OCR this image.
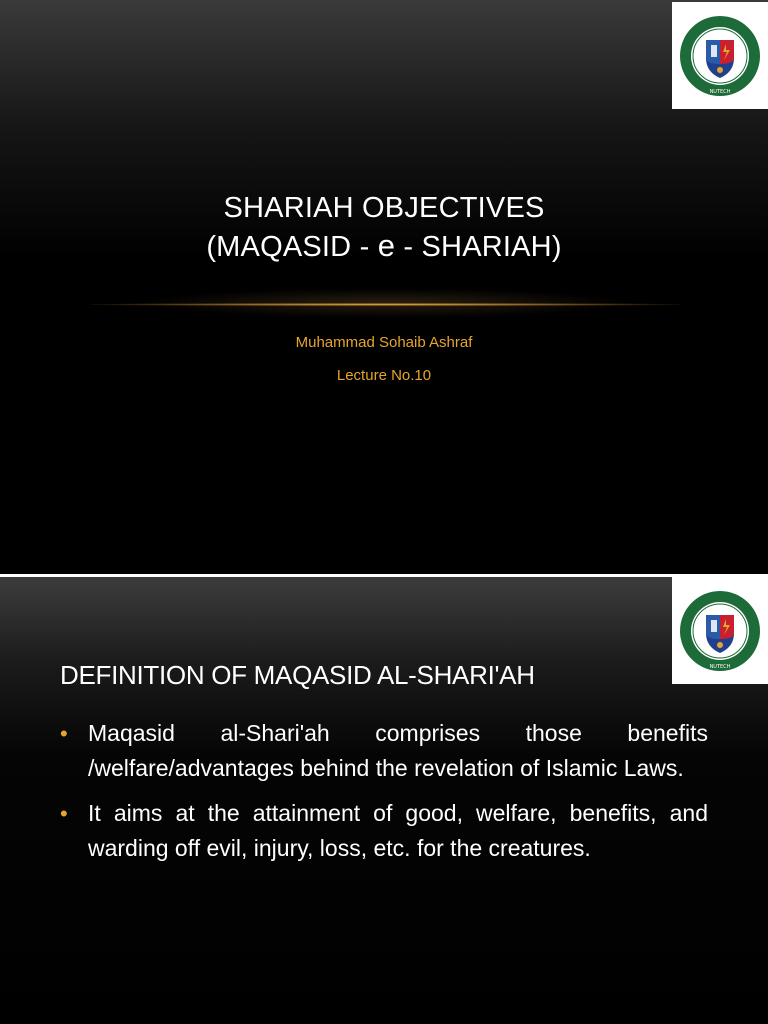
NUTECH
SHARIAH OBJECTIVES
(MAQASID - e - SHARIAH)
Muhammad Sohaib Ashraf
Lecture No.10
NUTECH
DEFINITION OF MAQASID AL-SHARI'AH
• Maqasid al-Shari'ah comprises those benefits /welfare/advantages behind the revelation of Islamic Laws.
• It aims at the attainment of good, welfare, benefits, and warding off evil, injury, loss, etc. for the creatures.
